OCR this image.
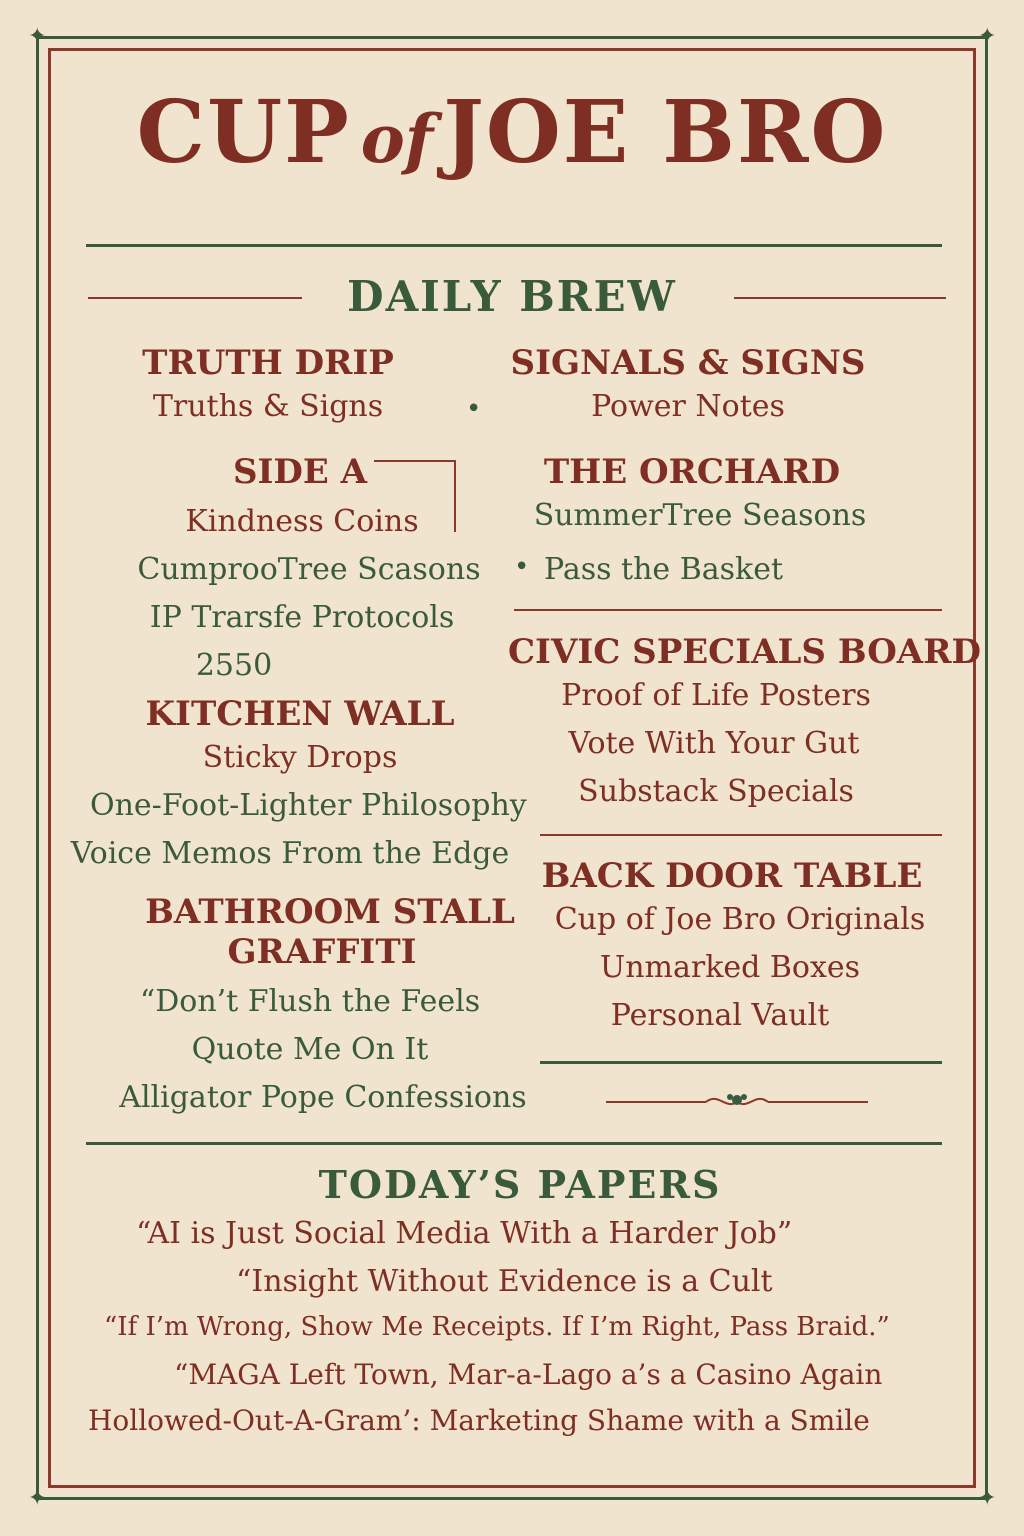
✦	✦
✦	✦
CUP of JOE BRO
DAILY BREW
TRUTH DRIP
Truths & Signs	•
SIDE A
Kindness Coins
CumprooTree Scasons
IP Trarsfe Protocols
2550
KITCHEN WALL
Sticky Drops
One-Foot-Lighter Philosophy
Voice Memos From the Edge
BATHROOM STALL
GRAFFITI
“Don’t Flush the Feels
Quote Me On It
Alligator Pope Confessions
SIGNALS & SIGNS
Power Notes
THE ORCHARD
SummerTree Seasons
• Pass the Basket
CIVIC SPECIALS BOARD
Proof of Life Posters
Vote With Your Gut
Substack Specials
BACK DOOR TABLE
Cup of Joe Bro Originals
Unmarked Boxes
Personal Vault
TODAY’S PAPERS
“AI is Just Social Media With a Harder Job”
“Insight Without Evidence is a Cult
“If I’m Wrong, Show Me Receipts. If I’m Right, Pass Braid.”
“MAGA Left Town, Mar-a-Lago a’s a Casino Again
Hollowed-Out-A-Gram’: Marketing Shame with a Smile
